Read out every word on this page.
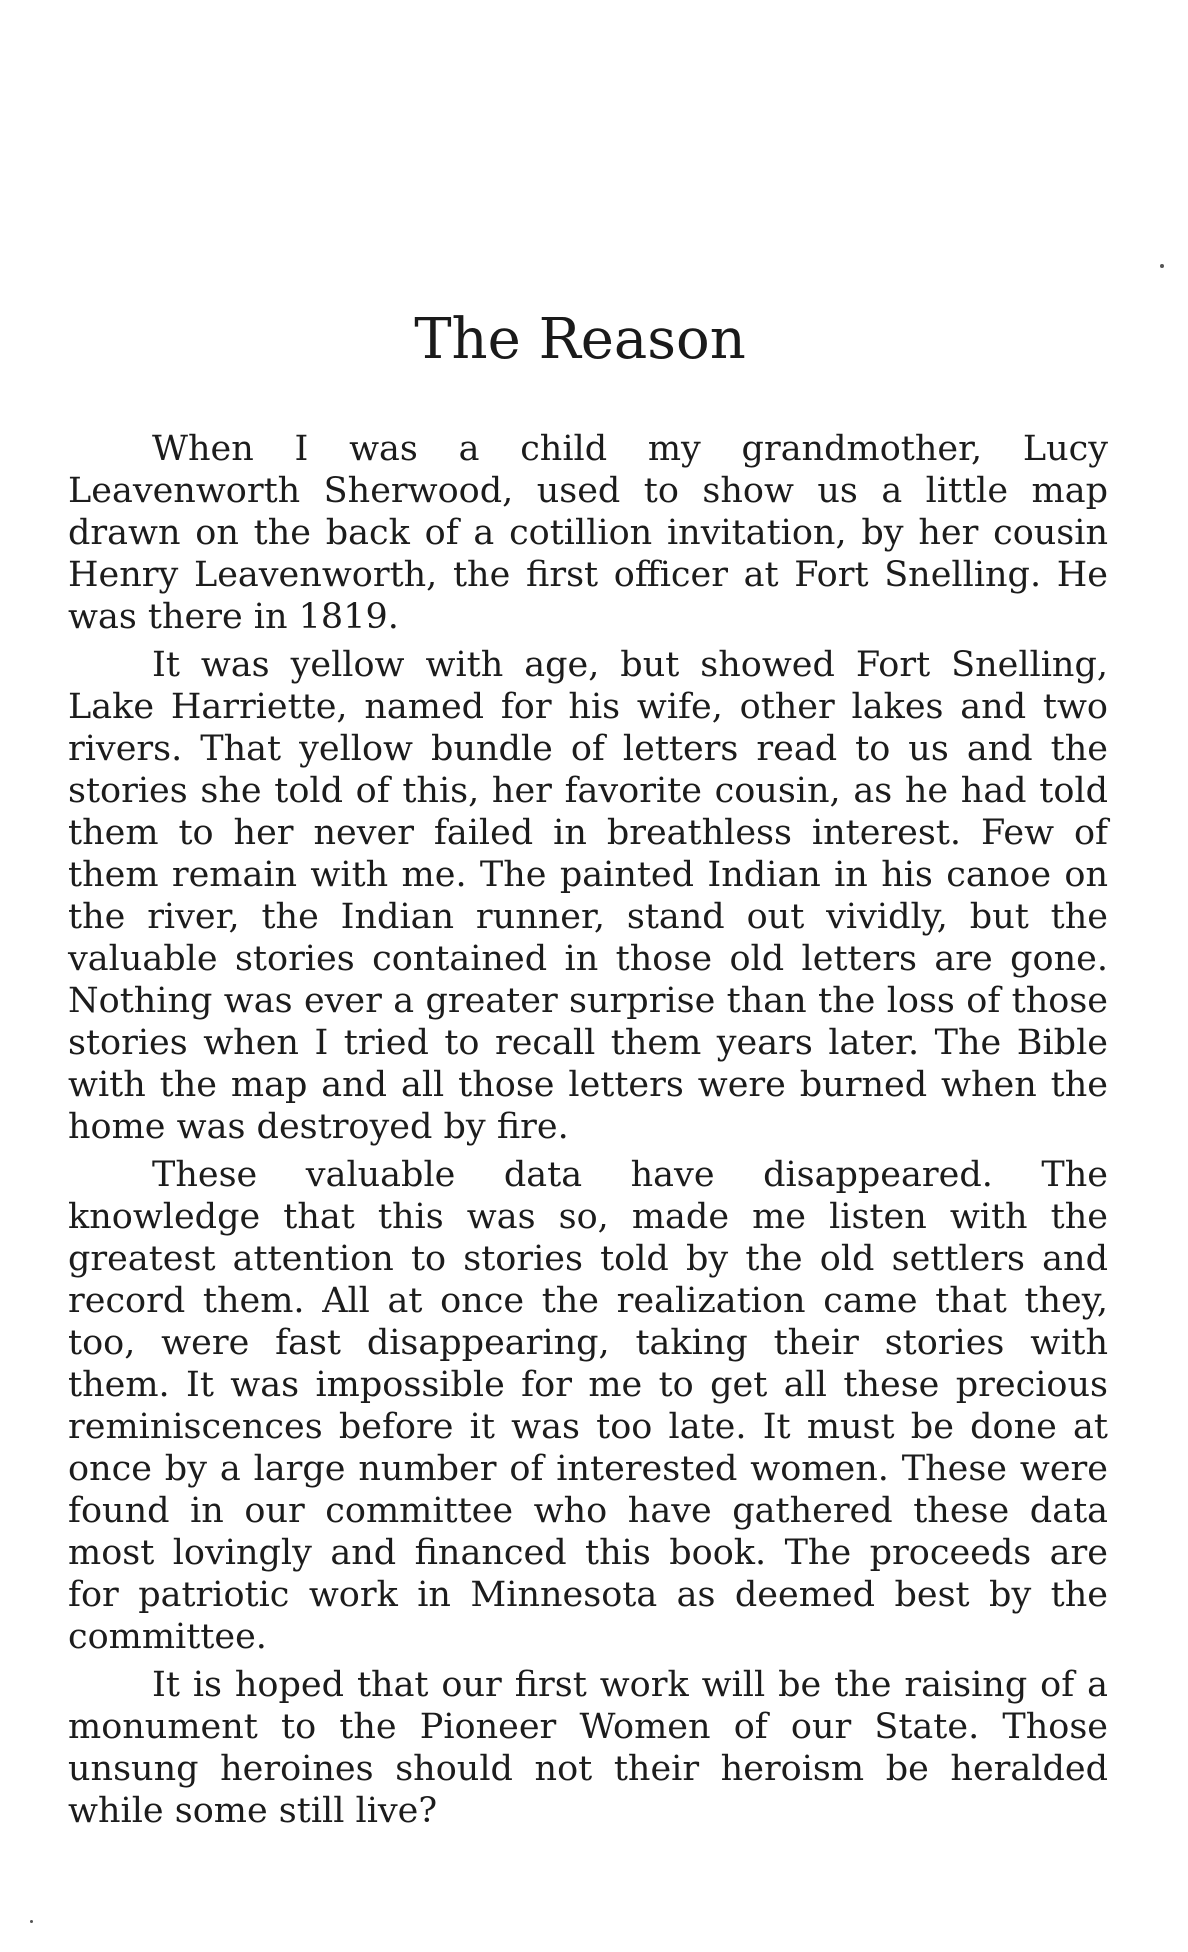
The Reason

When I was a child my grandmother, Lucy Leavenworth Sherwood, used to show us a little map drawn on the back of a cotillion invitation, by her cousin Henry Leavenworth, the first officer at Fort Snelling. He was there in 1819.

It was yellow with age, but showed Fort Snelling, Lake Harriette, named for his wife, other lakes and two rivers. That yellow bundle of letters read to us and the stories she told of this, her favorite cousin, as he had told them to her never failed in breathless interest. Few of them remain with me. The painted Indian in his canoe on the river, the Indian runner, stand out vividly, but the valuable stories contained in those old letters are gone. Nothing was ever a greater surprise than the loss of those stories when I tried to recall them years later. The Bible with the map and all those letters were burned when the home was destroyed by fire.

These valuable data have disappeared. The knowledge that this was so, made me listen with the greatest attention to stories told by the old settlers and record them. All at once the realization came that they, too, were fast disappearing, taking their stories with them. It was impossible for me to get all these precious reminiscences before it was too late. It must be done at once by a large number of interested women. These were found in our committee who have gathered these data most lovingly and financed this book. The proceeds are for patriotic work in Minnesota as deemed best by the committee.

It is hoped that our first work will be the raising of a monument to the Pioneer Women of our State. Those unsung heroines should not their heroism be heralded while some still live?
